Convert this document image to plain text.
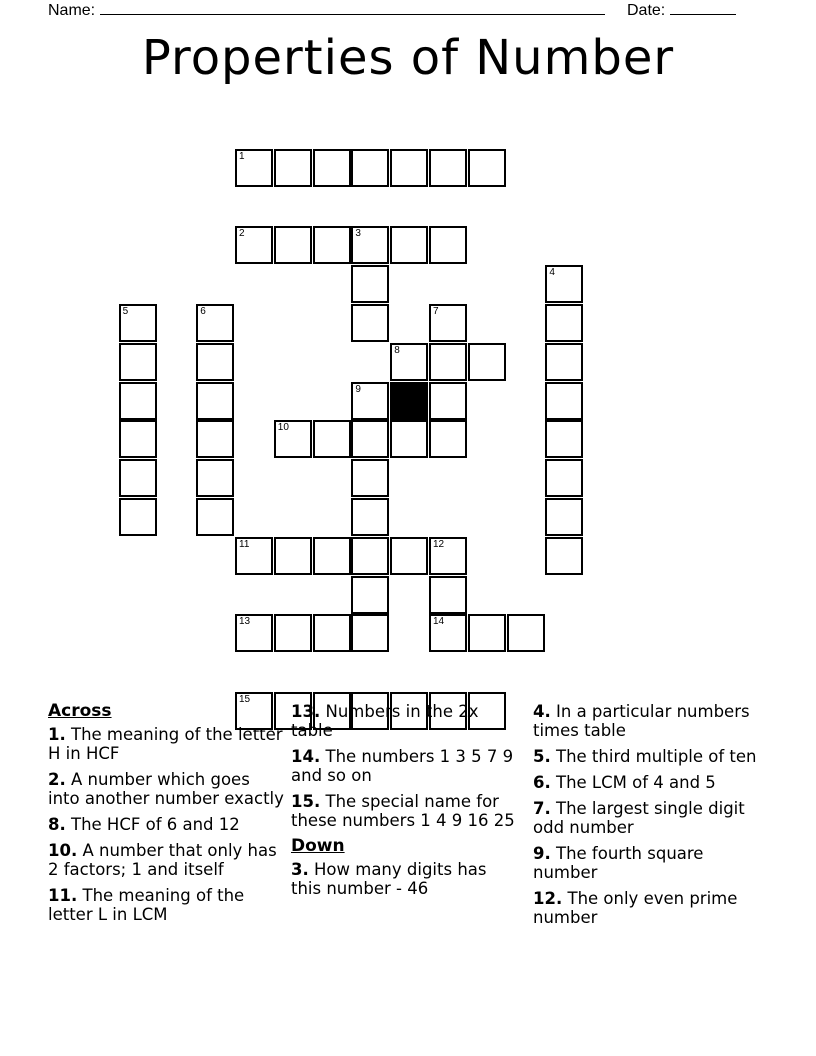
Name:	Date:
Properties of Number
1
2	3
4
5	6	7
8
9
10
11	12
13	14
15
Across
1. The meaning of the letter H in HCF
2. A number which goes into another number exactly
8. The HCF of 6 and 12
10. A number that only has 2 factors; 1 and itself
11. The meaning of the letter L in LCM
13. Numbers in the 2x table
14. The numbers 1 3 5 7 9 and so on
15. The special name for these numbers 1 4 9 16 25
Down
3. How many digits has this number - 46
4. In a particular numbers times table
5. The third multiple of ten
6. The LCM of 4 and 5
7. The largest single digit odd number
9. The fourth square number
12. The only even prime number
